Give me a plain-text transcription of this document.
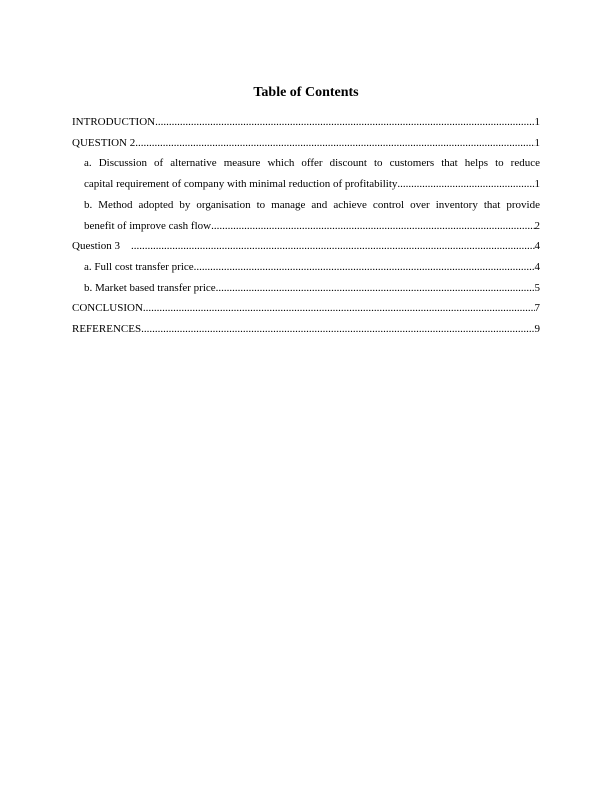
Table of Contents
INTRODUCTION .....	1
QUESTION 2 .....	1
a. Discussion of alternative measure which offer discount to customers that helps to reduce
capital requirement of company with minimal reduction of profitability .....	1
b. Method adopted by organisation to manage and achieve control over inventory that provide
benefit of improve cash flow .....	2
Question 3 .....	4
a. Full cost transfer price .....	4
b. Market based transfer price .....	5
CONCLUSION .....	7
REFERENCES .....	9
